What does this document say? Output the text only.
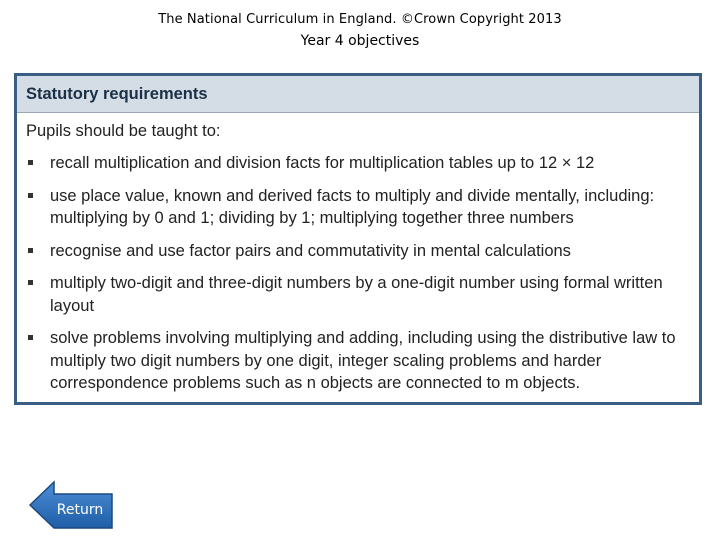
The National Curriculum in England. ©Crown Copyright 2013
Year 4 objectives
Statutory requirements
Pupils should be taught to:
recall multiplication and division facts for multiplication tables up to 12 × 12
use place value, known and derived facts to multiply and divide mentally, including: multiplying by 0 and 1; dividing by 1; multiplying together three numbers
recognise and use factor pairs and commutativity in mental calculations
multiply two-digit and three-digit numbers by a one-digit number using formal written layout
solve problems involving multiplying and adding, including using the distributive law to multiply two digit numbers by one digit, integer scaling problems and harder correspondence problems such as n objects are connected to m objects.
Return
